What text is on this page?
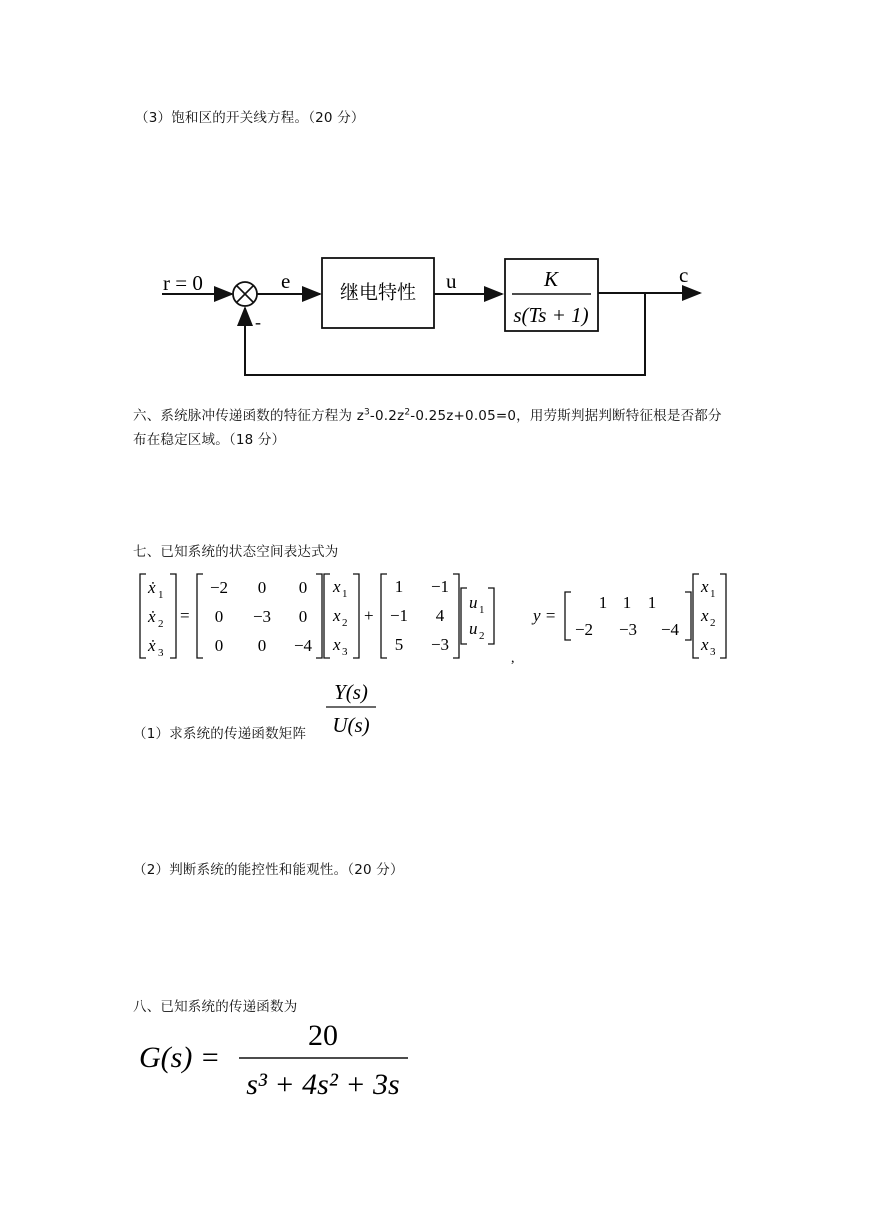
（3）饱和区的开关线方程。（20 分）
r = 0
-
e	继电特性 u	K
s(Ts + 1)
c
六、系统脉冲传递函数的特征方程为 $z^3-0.2z^2-0.25z+0.05=0$，用劳斯判据判断特征根是否都分
布在稳定区域。（18 分）
七、已知系统的状态空间表达式为
ẋ 1
ẋ 2
ẋ 3
=
−2 0 0
0 −3 0
0 0 −4
x 1
x 2
x 3
+
1 −1
−1 4
5 −3
u 1
u 2
,
y =
1 1 1
−2 −3 −4
x 1
x 2
x 3
（1）求系统的传递函数矩阵
Y(s)
U(s)
（2）判断系统的能控性和能观性。（20 分）
八、已知系统的传递函数为
G(s) =
20
s³ + 4s² + 3s
